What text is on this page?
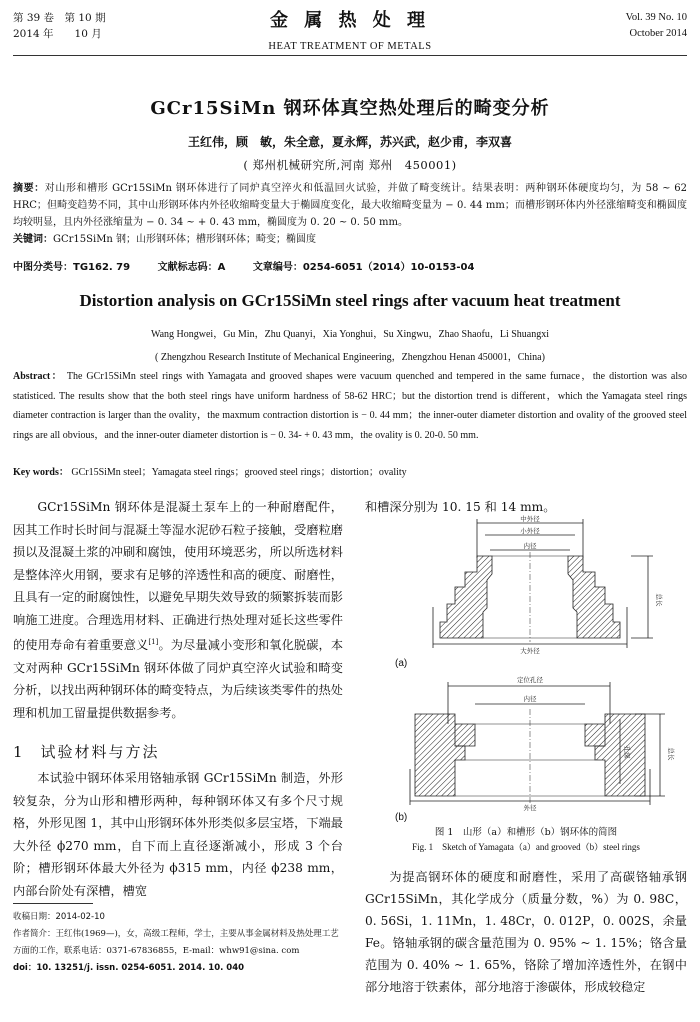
第 39 卷　第 10 期
2014 年　　10 月
金 属 热 处 理
HEAT TREATMENT OF METALS
Vol. 39 No. 10
October 2014
GCr15SiMn 钢环体真空热处理后的畸变分析
王红伟，顾　敏，朱全意，夏永辉，苏兴武，赵少甫，李双喜
( 郑州机械研究所,河南 郑州　450001)
摘要：对山形和槽形 GCr15SiMn 钢环体进行了同炉真空淬火和低温回火试验，并做了畸变统计。结果表明：两种钢环体硬度均匀，为 58 ~ 62 HRC；但畸变趋势不同，其中山形钢环体内外径收缩畸变量大于椭圆度变化，最大收缩畸变量为 − 0. 44 mm；而槽形钢环体内外径涨缩畸变和椭圆度均较明显，且内外径涨缩量为 − 0. 34 ~ + 0. 43 mm，椭圆度为 0. 20 ~ 0. 50 mm。
关键词：GCr15SiMn 钢；山形钢环体；槽形钢环体；畸变；椭圆度
中图分类号：TG162. 79	文献标志码：A	文章编号：0254-6051（2014）10-0153-04
Distortion analysis on GCr15SiMn steel rings after vacuum heat treatment
Wang Hongwei，Gu Min，Zhu Quanyi，Xia Yonghui，Su Xingwu，Zhao Shaofu，Li Shuangxi
( Zhengzhou Research Institute of Mechanical Engineering，Zhengzhou Henan 450001，China)
Abstract： The GCr15SiMn steel rings with Yamagata and grooved shapes were vacuum quenched and tempered in the same furnace，the distortion was also statisticed. The results show that the both steel rings have uniform hardness of 58-62 HRC；but the distortion trend is different，which the Yamagata steel rings diameter contraction is larger than the ovality，the maxmum contraction distortion is − 0. 44 mm；the inner-outer diameter distortion and ovality of the grooved steel rings are all obvious，and the inner-outer diameter distortion is − 0. 34- + 0. 43 mm，the ovality is 0. 20-0. 50 mm.
Key words： GCr15SiMn steel；Yamagata steel rings；grooved steel rings；distortion；ovality

GCr15SiMn 钢环体是混凝土泵车上的一种耐磨配件，因其工作时长时间与混凝土等湿水泥砂石粒子接触，受磨粒磨损以及混凝土浆的冲刷和腐蚀，使用环境恶劣，所以所选材料是整体淬火用钢，要求有足够的淬透性和高的硬度、耐磨性，且具有一定的耐腐蚀性，以避免早期失效导致的频繁拆装而影响施工进度。合理选用材料、正确进行热处理对延长这些零件的使用寿命有着重要意义[1]。为尽量减小变形和氧化脱碳，本文对两种 GCr15SiMn 钢环体做了同炉真空淬火试验和畸变分析，以找出两种钢环体的畸变特点，为后续该类零件的热处理和机加工留量提供数据参考。

1 试验材料与方法

本试验中钢环体采用铬轴承钢 GCr15SiMn 制造，外形较复杂，分为山形和槽形两种，每种钢环体又有多个尺寸规格，外形见图 1，其中山形钢环体外形类似多层宝塔，下端最大外径 ϕ270 mm，自下而上直径逐渐减小，形成 3 个台阶；槽形钢环体最大外径为 ϕ315 mm，内径 ϕ238 mm，内部台阶处有深槽，槽宽

收稿日期：2014-02-10
作者简介：王红伟(1969—)，女，高级工程师，学士，主要从事金属材料及热处理工艺方面的工作，联系电话：0371-67836855，E-mail：whw91@sina. com
doi：10. 13251/j. issn. 0254-6051. 2014. 10. 040
和槽深分别为 10. 15 和 14 mm。
中外径
小外径
内径
大外径
总长
(a)
定位孔径
内径
外径
孔深	总长
(b)
图 1　山形（a）和槽形（b）钢环体的简图
Fig. 1　Sketch of Yamagata（a）and grooved（b）steel rings

为提高钢环体的硬度和耐磨性，采用了高碳铬轴承钢 GCr15SiMn，其化学成分（质量分数，%）为 0. 98C，0. 56Si，1. 11Mn，1. 48Cr，0. 012P，0. 002S，余量 Fe。铬轴承钢的碳含量范围为 0. 95% ~ 1. 15%；铬含量范围为 0. 40% ~ 1. 65%，铬除了增加淬透性外，在钢中部分地溶于铁素体，部分地溶于渗碳体，形成较稳定
